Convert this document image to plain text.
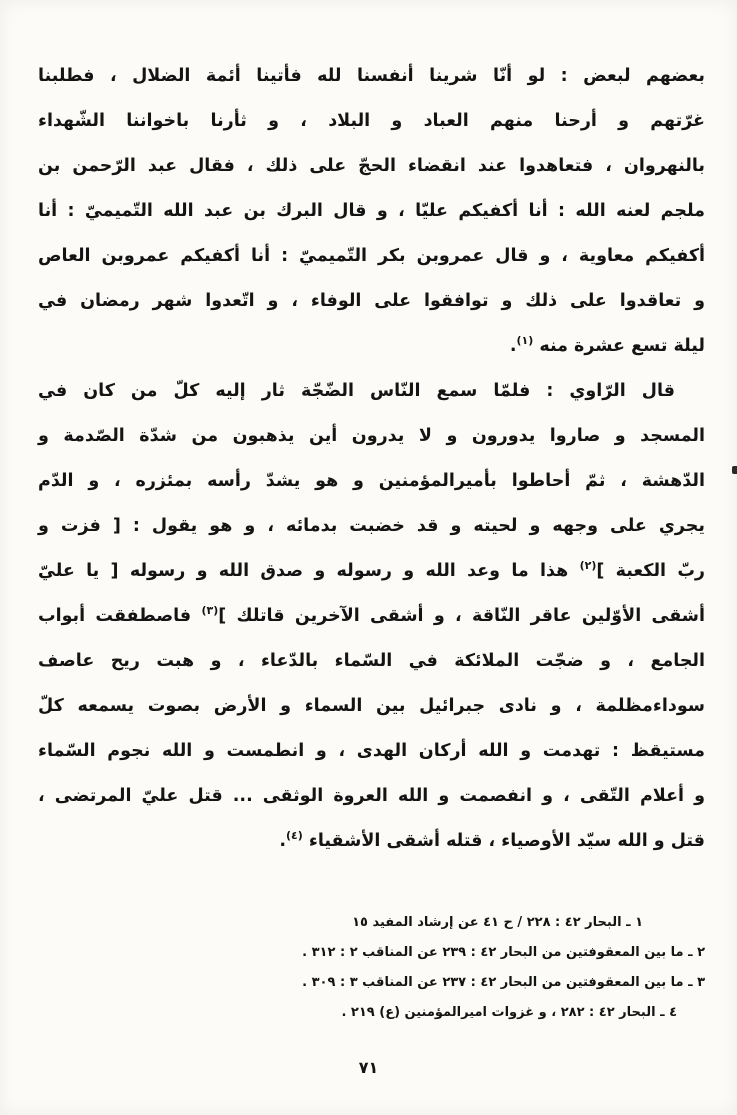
بعضهم لبعض : لو أنّا شرينا أنفسنا لله فأتينا أئمة الضلال ، فطلبنا
غرّتهم و أرحنا منهم العباد و البلاد ، و ثأرنا باخواننا الشّهداء
بالنهروان ، فتعاهدوا عند انقضاء الحجّ على ذلك ، فقال عبد الرّحمن بن
ملجم لعنه الله : أنا أكفيكم عليّا ، و قال البرك بن عبد الله التّميميّ : أنا
أكفيكم معاوية ، و قال عمروبن بكر التّميميّ : أنا أكفيكم عمروبن العاص
و تعاقدوا على ذلك و توافقوا على الوفاء ، و اتّعدوا شهر رمضان في
ليلة تسع عشرة منه $^{(١)}$.
قال الرّاوي : فلمّا سمع النّاس الضّجّة ثار إليه كلّ من كان في
المسجد و صاروا يدورون و لا يدرون أين يذهبون من شدّة الصّدمة و
الدّهشة ، ثمّ أحاطوا بأميرالمؤمنين و هو يشدّ رأسه بمئزره ، و الدّم
يجري على وجهه و لحيته و قد خضبت بدمائه ، و هو يقول : [ فزت و
ربّ الكعبة ]$^{(٢)}$ هذا ما وعد الله و رسوله و صدق الله و رسوله [ يا عليّ
أشقى الأوّلين عاقر النّاقة ، و أشقى الآخرين قاتلك ]$^{(٣)}$ فاصطفقت أبواب
الجامع ، و ضجّت الملائكة في السّماء بالدّعاء ، و هبت ريح عاصف
سوداءمظلمة ، و نادى جبرائيل بين السماء و الأرض بصوت يسمعه كلّ
مستيقظ : تهدمت و الله أركان الهدى ، و انطمست و الله نجوم السّماء
و أعلام التّقى ، و انفصمت و الله العروة الوثقى ... قتل عليّ المرتضى ،
قتل و الله سيّد الأوصياء ، قتله أشقى الأشقياء $^{(٤)}$.
١ ـ البحار ٤٢ : ٢٢٨ / ح ٤١ عن إرشاد المفيد ١٥
٢ ـ ما بين المعقوفتين من البحار ٤٢ : ٢٣٩ عن المناقب ٢ : ٣١٢ .
٣ ـ ما بين المعقوفتين من البحار ٤٢ : ٢٣٧ عن المناقب ٣ : ٣٠٩ .
٤ ـ البحار ٤٢ : ٢٨٢ ، و غزوات اميرالمؤمنين (ع) ٢١٩ .
٧١
